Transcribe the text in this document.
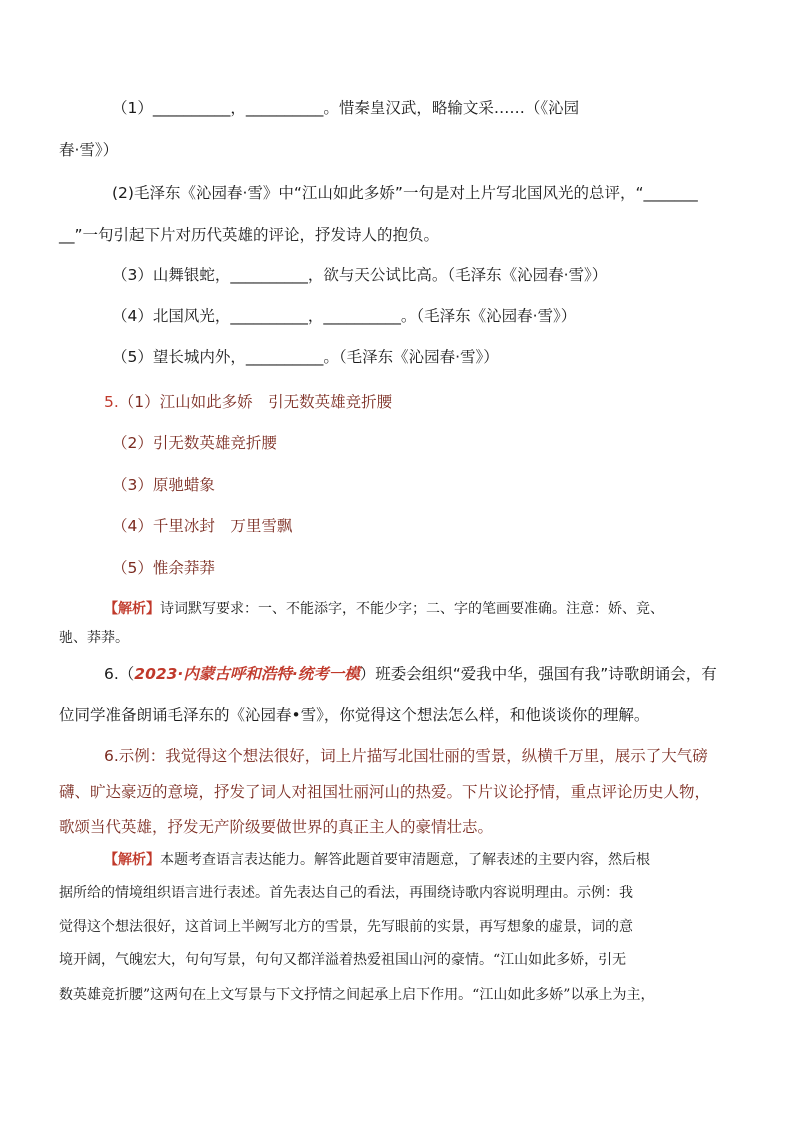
（1）__________，__________。惜秦皇汉武，略输文采……（《沁园
春·雪》）
(2)毛泽东《沁园春·雪》中“江山如此多娇”一句是对上片写北国风光的总评，“_______
__”一句引起下片对历代英雄的评论，抒发诗人的抱负。
（3）山舞银蛇，__________，欲与天公试比高。（毛泽东《沁园春·雪》）
（4）北国风光，__________，__________。（毛泽东《沁园春·雪》）
（5）望长城内外，__________。（毛泽东《沁园春·雪》）
5.（1）江山如此多娇　引无数英雄竞折腰
（2）引无数英雄竞折腰
（3）原驰蜡象
（4）千里冰封　万里雪飘
（5）惟余莽莽
【解析】诗词默写要求：一、不能添字，不能少字；二、字的笔画要准确。注意：娇、竞、
驰、莽莽。
6.（2023·内蒙古呼和浩特·统考一模）班委会组织“爱我中华，强国有我”诗歌朗诵会，有
位同学准备朗诵毛泽东的《沁园春•雪》，你觉得这个想法怎么样，和他谈谈你的理解。
6.示例：我觉得这个想法很好，词上片描写北国壮丽的雪景，纵横千万里，展示了大气磅
礴、旷达豪迈的意境，抒发了词人对祖国壮丽河山的热爱。下片议论抒情，重点评论历史人物，
歌颂当代英雄，抒发无产阶级要做世界的真正主人的豪情壮志。
【解析】本题考查语言表达能力。解答此题首要审清题意，了解表述的主要内容，然后根
据所给的情境组织语言进行表述。首先表达自己的看法，再围绕诗歌内容说明理由。示例：我
觉得这个想法很好，这首词上半阙写北方的雪景，先写眼前的实景，再写想象的虚景，词的意
境开阔，气魄宏大，句句写景，句句又都洋溢着热爱祖国山河的豪情。“江山如此多娇，引无
数英雄竞折腰”这两句在上文写景与下文抒情之间起承上启下作用。“江山如此多娇”以承上为主，
